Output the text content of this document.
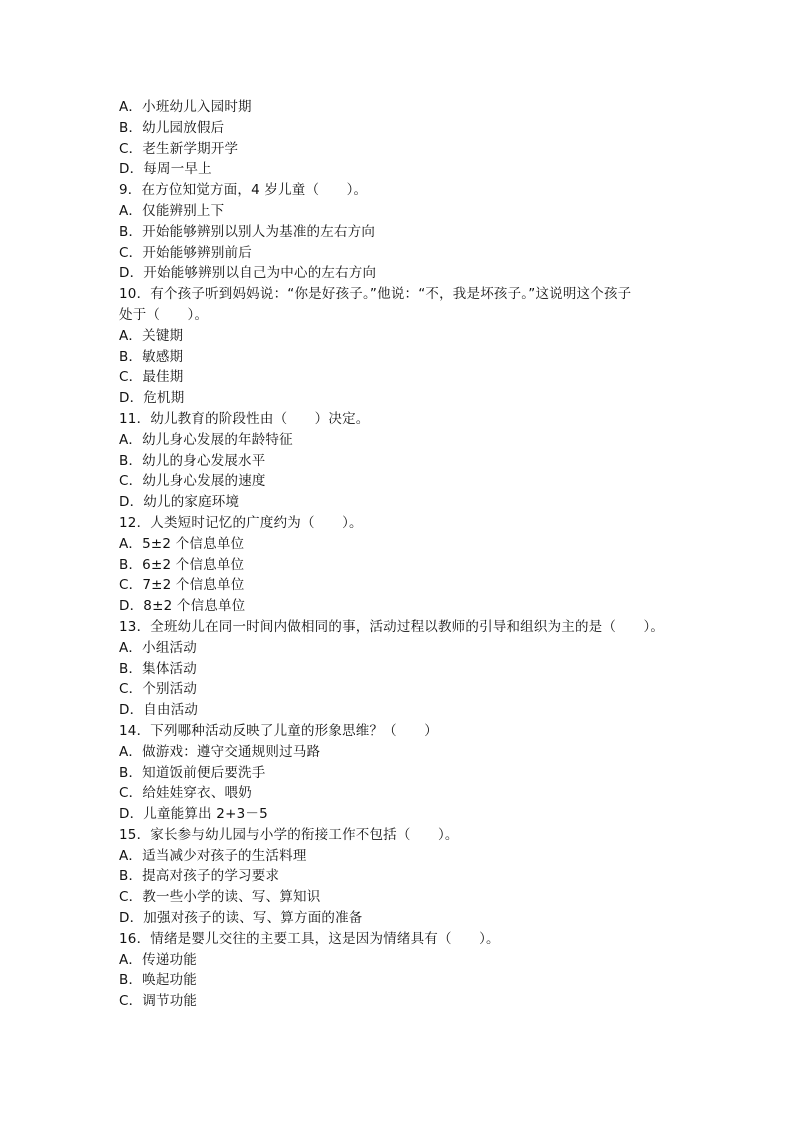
A．小班幼儿入园时期
B．幼儿园放假后
C．老生新学期开学
D．每周一早上
9．在方位知觉方面，4 岁儿童（　　）。
A．仅能辨别上下
B．开始能够辨别以别人为基准的左右方向
C．开始能够辨别前后
D．开始能够辨别以自己为中心的左右方向
10．有个孩子听到妈妈说：“你是好孩子。”他说：“不，我是坏孩子。”这说明这个孩子
处于（　　）。
A．关键期
B．敏感期
C．最佳期
D．危机期
11．幼儿教育的阶段性由（　　）决定。
A．幼儿身心发展的年龄特征
B．幼儿的身心发展水平
C．幼儿身心发展的速度
D．幼儿的家庭环境
12．人类短时记忆的广度约为（　　）。
A．5±2 个信息单位
B．6±2 个信息单位
C．7±2 个信息单位
D．8±2 个信息单位
13．全班幼儿在同一时间内做相同的事，活动过程以教师的引导和组织为主的是（　　）。
A．小组活动
B．集体活动
C．个别活动
D．自由活动
14．下列哪种活动反映了儿童的形象思维？（　　）
A．做游戏：遵守交通规则过马路
B．知道饭前便后要洗手
C．给娃娃穿衣、喂奶
D．儿童能算出 2+3－5
15．家长参与幼儿园与小学的衔接工作不包括（　　）。
A．适当减少对孩子的生活料理
B．提高对孩子的学习要求
C．教一些小学的读、写、算知识
D．加强对孩子的读、写、算方面的准备
16．情绪是婴儿交往的主要工具，这是因为情绪具有（　　）。
A．传递功能
B．唤起功能
C．调节功能
